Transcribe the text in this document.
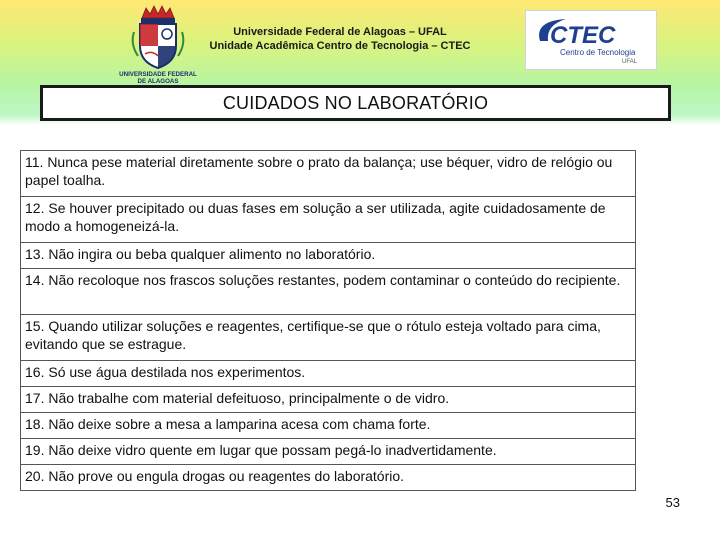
UNIVERSIDADE FEDERAL
DE ALAGOAS
Universidade Federal de Alagoas – UFAL
Unidade Acadêmica Centro de Tecnologia – CTEC	CTEC
Centro de Tecnologia
UFAL
CUIDADOS NO LABORATÓRIO
11. Nunca pese material diretamente sobre o prato da balança; use béquer, vidro de relógio ou papel toalha.
12. Se houver precipitado ou duas fases em solução a ser utilizada, agite cuidadosamente de modo a homogeneizá-la.
13. Não ingira ou beba qualquer alimento no laboratório.
14. Não recoloque nos frascos soluções restantes, podem contaminar o conteúdo do recipiente.
15. Quando utilizar soluções e reagentes, certifique-se que o rótulo esteja voltado para cima, evitando que se estrague.
16. Só use água destilada nos experimentos.
17. Não trabalhe com material defeituoso, principalmente o de vidro.
18. Não deixe sobre a mesa a lamparina acesa com chama forte.
19. Não deixe vidro quente em lugar que possam pegá-lo inadvertidamente.
20. Não prove ou engula drogas ou reagentes do laboratório.
53
